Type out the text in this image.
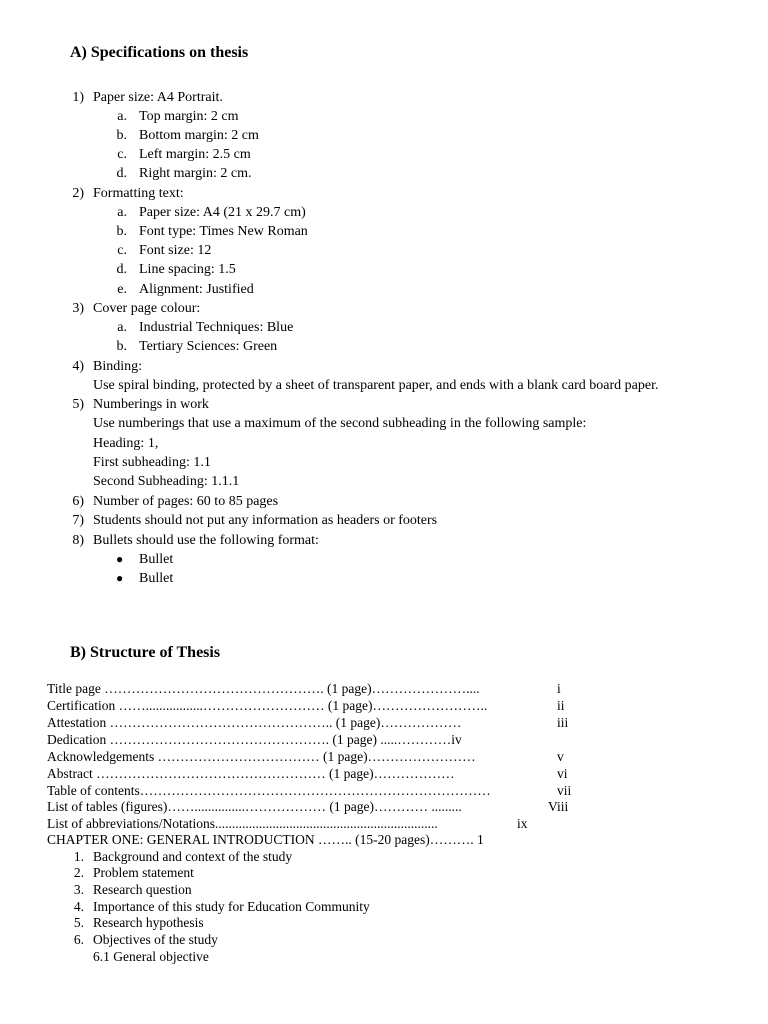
A) Specifications on thesis
1) Paper size: A4 Portrait.
a. Top margin: 2 cm
b. Bottom margin: 2 cm
c. Left margin: 2.5 cm
d. Right margin: 2 cm.
2) Formatting text:
a. Paper size: A4 (21 x 29.7 cm)
b. Font type: Times New Roman
c. Font size: 12
d. Line spacing: 1.5
e. Alignment: Justified
3) Cover page colour:
a. Industrial Techniques: Blue
b. Tertiary Sciences: Green
4) Binding:
Use spiral binding, protected by a sheet of transparent paper, and ends with a blank card board paper.
5) Numberings in work
Use numberings that use a maximum of the second subheading in the following sample:
Heading: 1,
First subheading: 1.1
Second Subheading: 1.1.1
6) Number of pages: 60 to 85 pages
7) Students should not put any information as headers or footers
8) Bullets should use the following format:
● Bullet
● Bullet
B) Structure of Thesis
Title page …………………………………………. (1 page)…………………....	i
Certification …….................……………………… (1 page)……………………..	ii
Attestation ………………………………………….. (1 page)………………	iii
Dedication …………………………………………. (1 page) .....…………iv
Acknowledgements ……………………………… (1 page)……………………	v
Abstract …………………………………………… (1 page)………………	vi
Table of contents……………………………………………………………………	vii
List of tables (figures)……...............……………… (1 page)………… .........	Viii
List of abbreviations/Notations..................................................................	ix
CHAPTER ONE: GENERAL INTRODUCTION …….. (15-20 pages)………. 1
1. Background and context of the study
2. Problem statement
3. Research question
4. Importance of this study for Education Community
5. Research hypothesis
6. Objectives of the study
6.1 General objective
